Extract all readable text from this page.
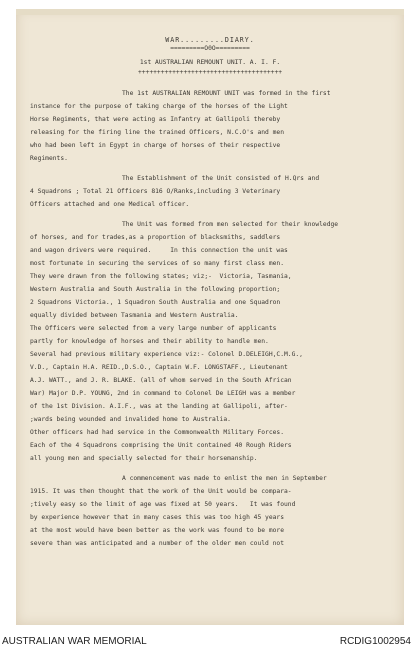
WAR.........DIARY.
=========O0O=========
1st AUSTRALIAN REMOUNT UNIT. A. I. F.
++++++++++++++++++++++++++++++++++++++
The 1st AUSTRALIAN REMOUNT UNIT was formed in the first
instance for the purpose of taking charge of the horses of the Light
Horse Regiments, that were acting as Infantry at Gallipoli thereby
releasing for the firing line the trained Officers, N.C.O's and men
who had been left in Egypt in charge of horses of their respective
Regiments.
The Establishment of the Unit consisted of H.Qrs and
4 Squadrons ; Total 21 Officers 816 O/Ranks,including 3 Veterinary
Officers attached and one Medical officer.
The Unit was formed from men selected for their knowledge
of horses, and for trades,as a proportion of blacksmiths, saddlers
and wagon drivers were required.     In this connection the unit was
most fortunate in securing the services of so many first class men.
They were drawn from the following states; viz;-  Victoria, Tasmania,
Western Australia and South Australia in the following proportion;
2 Squadrons Victoria., 1 Squadron South Australia and one Squadron
equally divided between Tasmania and Western Australia.
The Officers were selected from a very large number of applicants
partly for knowledge of horses and their ability to handle men.
Several had previous military experience viz:- Colonel D.DELEIGH,C.M.G.,
V.D., Captain H.A. REID.,D.S.O., Captain W.F. LONGSTAFF., Lieutenant
A.J. WATT., and J. R. BLAKE. (all of whom served in the South African
War) Major D.P. YOUNG, 2nd in command to Colonel De LEIGH was a member
of the 1st Division. A.I.F., was at the landing at Gallipoli, after-
;wards being wounded and invalided home to Australia.
Other officers had had service in the Commonwealth Military Forces.
Each of the 4 Squadrons comprising the Unit contained 40 Rough Riders
all young men and specially selected for their horsemanship.
A commencement was made to enlist the men in September
1915. It was then thought that the work of the Unit would be compara-
;tively easy so the limit of age was fixed at 50 years.   It was found
by experience however that in many cases this was too high 45 years
at the most would have been better as the work was found to be more
severe than was anticipated and a number of the older men could not
AUSTRALIAN WAR MEMORIAL	RCDIG1002954
